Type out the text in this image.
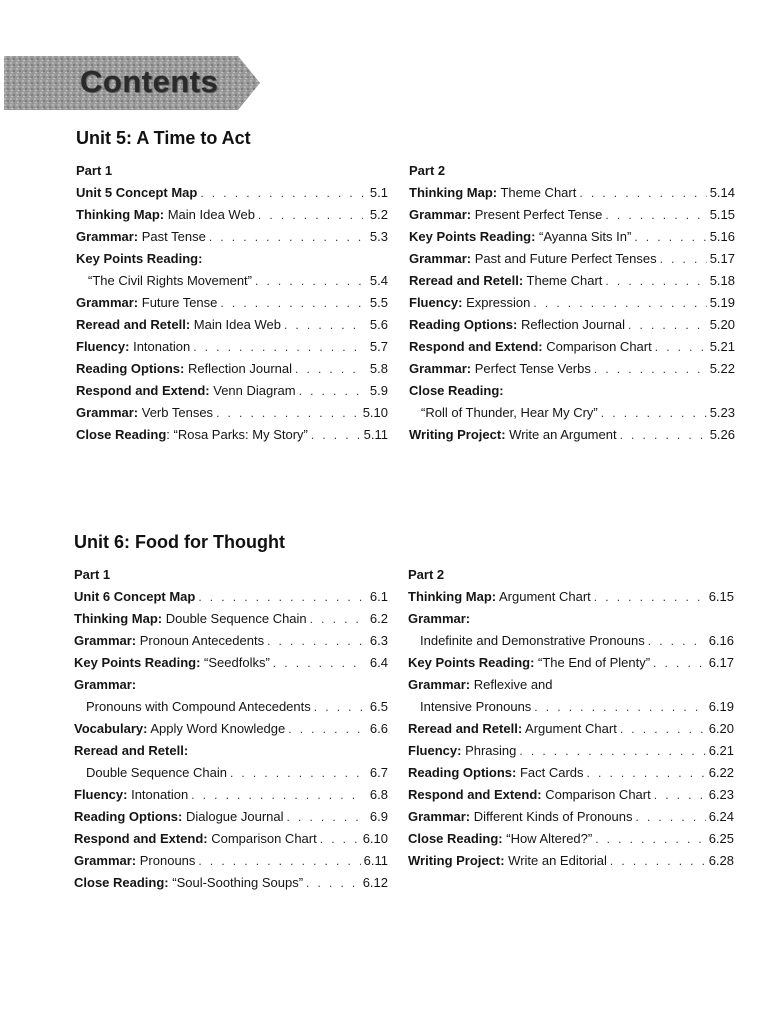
Contents
Unit 5: A Time to Act
Part 1
Unit 5 Concept Map . . .	5.1
Thinking Map: Main Idea Web . . .	5.2
Grammar: Past Tense . . .	5.3
Key Points Reading:
“The Civil Rights Movement” . . .	5.4
Grammar: Future Tense . . .	5.5
Reread and Retell: Main Idea Web . . .	5.6
Fluency: Intonation . . .	5.7
Reading Options: Reflection Journal . . .	5.8
Respond and Extend: Venn Diagram . . .	5.9
Grammar: Verb Tenses . . .	5.10
Close Reading: “Rosa Parks: My Story” . . .	5.11
Part 2
Thinking Map: Theme Chart . . .	5.14
Grammar: Present Perfect Tense . . .	5.15
Key Points Reading: “Ayanna Sits In” . . .	5.16
Grammar: Past and Future Perfect Tenses . . .	5.17
Reread and Retell: Theme Chart . . .	5.18
Fluency: Expression . . .	5.19
Reading Options: Reflection Journal . . .	5.20
Respond and Extend: Comparison Chart . . .	5.21
Grammar: Perfect Tense Verbs . . .	5.22
Close Reading:
“Roll of Thunder, Hear My Cry” . . .	5.23
Writing Project: Write an Argument . . .	5.26
Unit 6: Food for Thought
Part 1
Unit 6 Concept Map . . .	6.1
Thinking Map: Double Sequence Chain . . .	6.2
Grammar: Pronoun Antecedents . . .	6.3
Key Points Reading: “Seedfolks” . . .	6.4
Grammar:
Pronouns with Compound Antecedents . . .	6.5
Vocabulary: Apply Word Knowledge . . .	6.6
Reread and Retell:
Double Sequence Chain . . .	6.7
Fluency: Intonation . . .	6.8
Reading Options: Dialogue Journal . . .	6.9
Respond and Extend: Comparison Chart . . .	6.10
Grammar: Pronouns . . .	6.11
Close Reading: “Soul-Soothing Soups” . . .	6.12
Part 2
Thinking Map: Argument Chart . . .	6.15
Grammar:
Indefinite and Demonstrative Pronouns . . .	6.16
Key Points Reading: “The End of Plenty” . . .	6.17
Grammar: Reflexive and
Intensive Pronouns . . .	6.19
Reread and Retell: Argument Chart . . .	6.20
Fluency: Phrasing . . .	6.21
Reading Options: Fact Cards . . .	6.22
Respond and Extend: Comparison Chart . . .	6.23
Grammar: Different Kinds of Pronouns . . .	6.24
Close Reading: “How Altered?” . . .	6.25
Writing Project: Write an Editorial . . .	6.28
